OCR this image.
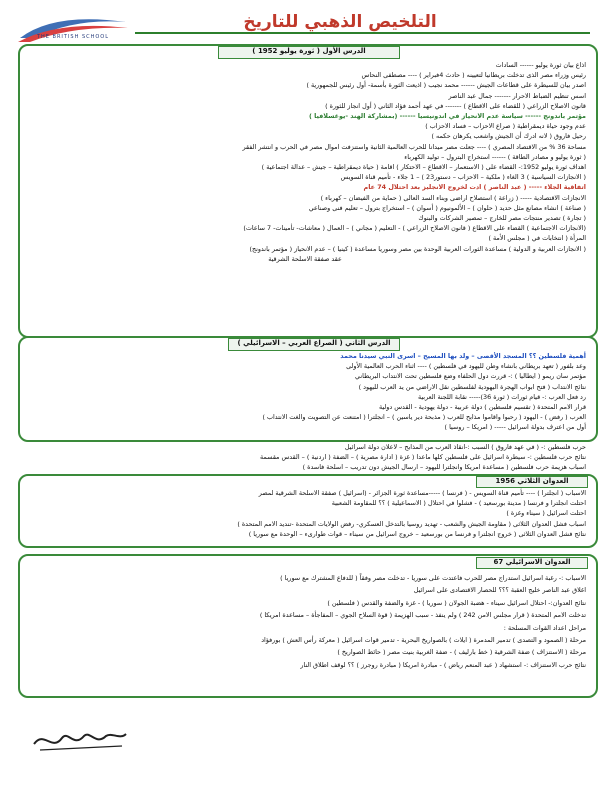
THE BRITISH SCHOOL
التلخيص الذهبي للتاريخ
الدرس الأول ( ثورة يوليو 1952 )
اذاع بيان ثورة يوليو ------ السادات
رئيس وزراء مصر الذى تدخلت بريطانيا لتعيينه ( حادث 4فبراير ) ---- مصطفى النحاس
اصدر بيان للسيطرة على قطاعات الجيش ------ محمد نجيب ( اذيعت الثورة بأسمة- أول رئيس للجمهورية )
اسس تنظيم الضباط الاحرار ------- جمال عبد الناصر
قانون الاصلاح الزراعي ( للقضاء على الاقطاع ) ------- في عهد أحمد فؤاد الثاني ( أول انجاز للثورة )
مؤتمر باندونج ------ سياسة عدم الانحياز في اندونيسيا ------ (بمشاركة الهند -يوغسلافيا )
عدم وجود حياة ديمقراطية ( صراع الاحزاب – فساد الاحزاب )
رحيل فاروق ( لانه ادرك أن الجيش واشعب يكرهان حكمه )
مساحة 36 % من الاقتصاد المصري ) ---- جعلت مصر ميدانا للحرب العالمية الثانية واستنزفت اموال مصر في الحرب و انتشر الفقر
( ثورة يوليو و مصادر الطاقة ) ------ استخراج البترول – توليد الكهرباء
اهداف ثورة يوليو 1952:- القضاء على ( الاستعمار – الاقطاع – الاحتكار ) اقامة ( حياة ديمقراطية – جيش – عدالة اجتماعية )
( الانجازات السياسية ) 3 الغاء ( ملكية – الاحزاب – دستور23 ) – 1 جلاء - تأميم قناة السويس
اتفاقية الجلاء ----- ( عبد الناصر ) ادت لخروج الانجليز بعد احتلال 74 عام
الانجازات الاقتصادية ----- ( زراعة ) استصلاح اراضى وبناء السد العالى ( حماية من الفيضان – كهرباء )
( صناعة ) انشاء مصانع مثل حديد ( حلوان ) – الألمونيوم ( أسوان ) – استخراج بترول – تعليم فنى وصناعي
( تجارة ) تصدير منتجات مصر للخارج – تمصير الشركات والبنوك
(الانجازات الاجتماعية ) القضاء على الاقطاع ( قانون الاصلاح الزراعي ) - التعليم ( مجاني ) – العمال ( معاشات- تأمينات- 7 ساعات)
المرأة ( انتخابات في ( مجلس الأمة )
( الانجازات العربية و الدولية ) مساعدة الثورات العربية الوحدة بين مصر وسوريا مساعدة ( كينيا ) – عدم الانحياز ( مؤتمر باندونج)
عقد صفقة الاسلحة الشرقية
الدرس الثاني ( الصراع العربي – الاسرائيلي )
أهمية فلسطين ؟؟ المسجد الأقصى – ولد بها المسيح – اسرى النبي سيدنا محمد
وعد بلفور ( تعهد بريطاني بانشاء وطن لليهود في فلسطين ) ---- اثناء الحرب العالمية الأولى
مؤتمر سان ريمو ( ايطاليا ) :- قررت دول الحلفاء وضع فلسطين تحت الانتداب البريطاني
نتائج الانتداب ( فتح ابواب الهجرة اليهودية لفلسطين نقل الاراضي من يد العرب لليهود )
رد فعل العرب :- قيام ثورات ( ثورة 36)----- نقابة اللجنة العربية
قرار الامم المتحدة ( تقسيم فلسطين ) دولة عربية - دولة يهودية - القدس دولية
العرب ( رفض ) - اليهود ( رحبوا واقاموا مذابح للعرب ( مذبحة دير ياسين ) – انجلترا ( امتنعت عن التصويت والغت الانتداب )
أول من اعترف بدولة اسرائيل ----- ( امريكا – روسيا )
حرب فلسطين :- ( في عهد فاروق ) السبب :-انقاذ العرب من المذابح – لاعلان دولة اسرائيل
نتائج حرب فلسطين :- سيطرة اسرائيل على فلسطين كلها ماعدا ( غزة ( ادارة مصرية ) – الضفة ( اردنية ) – القدس مقسمة
اسباب هزيمة حرب فلسطين ( مساعدة امريكا وانجلترا لليهود – ارسال الجيش دون تدريب – اسلحة فاسدة )
العدوان الثلاثي 1956
الاسباب ( انجلترا ) ---- تأميم قناة السويس - ( فرنسا ) -----مساعدة ثورة الجزائر - (اسرائيل ) صفقة الاسلحة الشرقية لمصر
احتلت انجلترا و فرنسا ( مدينة بورسعيد ) - فشلوا في احتلال ( الاسماعيلية ) ؟؟ للمقاومة الشعبية
احتلت اسرائيل ( سيناء وغزة )
اسباب فشل العدوان الثلاثى ( مقاومة الجيش والشعب - تهديد روسيا بالتدخل العسكري- رفض الولايات المتحدة -تنديد الامم المتحدة )
نتائج فشل العدوان الثلاثى ( خروج انجلترا و فرنسا من بورسعيد – خروج اسرائيل من سيناء – قوات طوارىء – الوحدة مع سوريا )
العدوان الاسرائيلي 67
الاسباب :- رغبة اسرائيل استدراج مصر للحرب فاعتدت على سوريا - تدخلت مصر وفقاً ( للدفاع المشترك مع سوريا )
اغلاق عبد الناصر خليج العقبة ؟؟؟ للحصار الاقتصادى على اسرائيل
نتائج العدوان:- احتلال اسرائيل سيناء - هضبة الجولان ( سوريا ) - غزة والضفة والقدس ( فلسطين )
تدخلت الامم المتحدة ( قرار مجلس الامن 242 ) ولم ينفذ - سبب الهزيمة ( قوة السلاح الجوي – المفاجأة – مساعدة امريكا )
مراحل اعداد القوات المسلحة :
مرحلة ( الصمود و التصدى ) تدمير المدمرة ( ايلات ) بالصواريخ البحرية - تدمير قوات اسرائيل ( معركة رأس العش ) بورفؤاد
مرحلة ( الاستنزاف ) ضفة الشرقية ( خط بارليف ) - ضفة الغربية بنيت مصر ( حائط الصواريخ )
نتائج حرب الاستنزاف :- استشهاد ( عبد المنعم رياض ) - مبادرة امريكا ( مبادرة روجرز ) ؟؟ لوقف اطلاق النار
